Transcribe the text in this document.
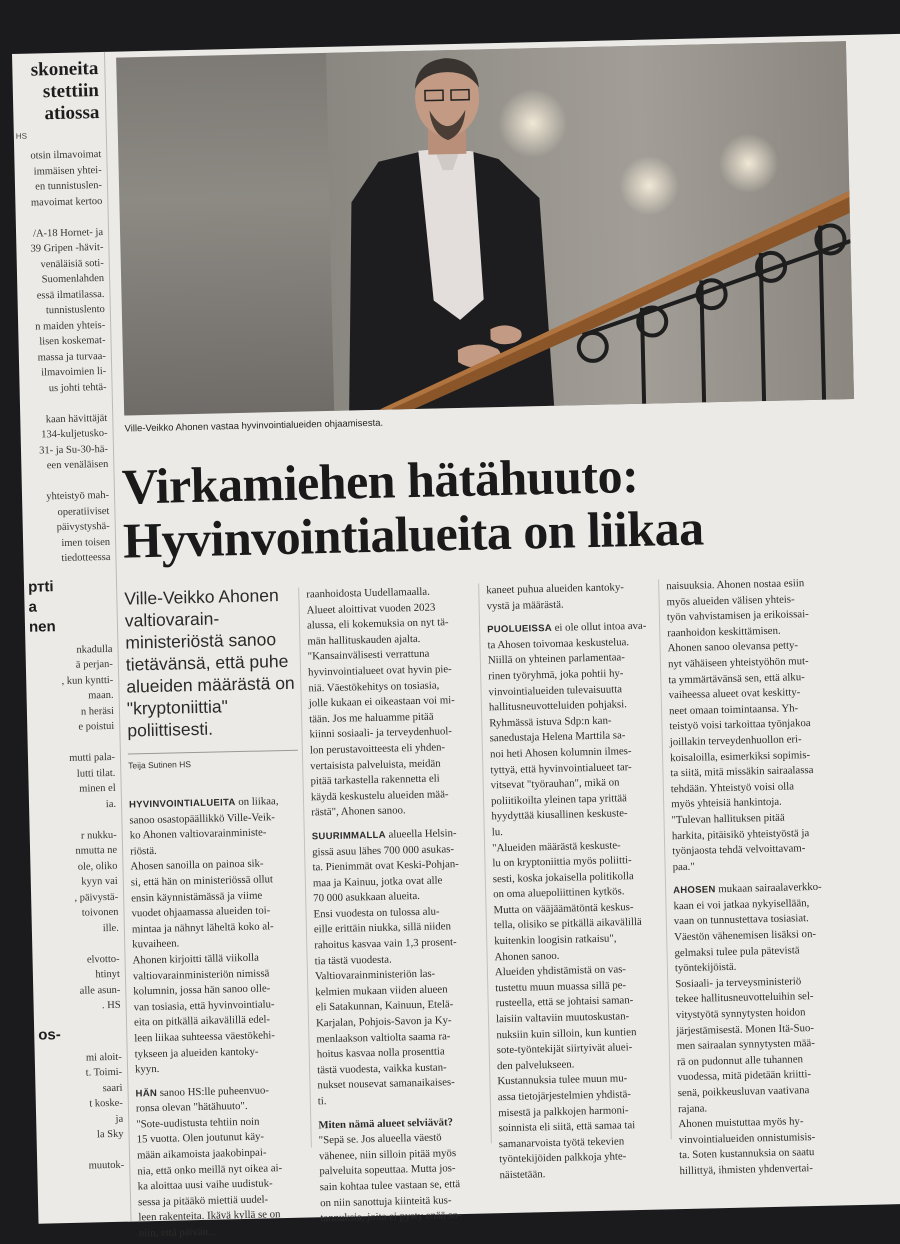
skoneita
stettiin
atiossa
HS
otsin ilmavoimat
immäisen yhtei-
en tunnistuslen-
mavoimat kertoo

/A-18 Hornet- ja
39 Gripen -hävit-
venäläisiä soti-
Suomenlahden
essä ilmatilassa.
tunnistuslento
n maiden yhteis-
lisen koskemat-
massa ja turvaa-
ilmavoimien li-
us johti tehtä-

kaan hävittäjät
134-kuljetusko-
31- ja Su-30-hä-
een venäläisen

yhteistyö mah-
operatiiviset
päivystyshä-
imen toisen
tiedotteessa
ртti
a
nen
nkadulla
ä perjan-
, kun kyntti-
maan.
n heräsi
e poistui

mutti pala-
lutti tilat.
minen el
ia.

r nukku-
nmutta ne
ole, oliko
kyyn vai
, päivystä-
toivonen
ille.

elvotto-
htinyt
alle asun-
. HS
os-
mi aloit-
t. Toimi-
saari
t koske-
ja
la Sky

muutok-
Ville-Veikko Ahonen vastaa hyvinvointialueiden ohjaamisesta.
Virkamiehen hätähuuto:
Hyvinvointialueita on liikaa
Ville-Veikko Ahonen valtiovarain-ministeriöstä sanoo tietävänsä, että puhe alueiden määrästä on "kryptoniittia" poliittisesti.
Teija Sutinen HS
HYVINVOINTIALUEITA on liikaa,
sanoo osastopäällikkö Ville-Veik-
ko Ahonen valtiovarainministe-
riöstä.
Ahosen sanoilla on painoa sik-
si, että hän on ministeriössä ollut
ensin käynnistämässä ja viime
vuodet ohjaamassa alueiden toi-
mintaa ja nähnyt läheltä koko al-
kuvaiheen.
Ahonen kirjoitti tällä viikolla
valtiovarainministeriön nimissä
kolumnin, jossa hän sanoo olle-
van tosiasia, että hyvinvointialu-
eita on pitkällä aikavälillä edel-
leen liikaa suhteessa väestökehi-
tykseen ja alueiden kantoky-
kyyn.
HÄN sanoo HS:lle puheenvuo-
ronsa olevan "hätähuuto".
"Sote-uudistusta tehtiin noin
15 vuotta. Olen joutunut käy-
mään aikamoista jaakobinpai-
nia, että onko meillä nyt oikea ai-
ka aloittaa uusi vaihe uudistuk-
sessa ja pitääkö miettiä uudel-
leen rakenteita. Ikävä kyllä se on
niin, että päivän...
raanhoidosta Uudellamaalla.
Alueet aloittivat vuoden 2023
alussa, eli kokemuksia on nyt tä-
män hallituskauden ajalta.
"Kansainvälisesti verrattuna
hyvinvointialueet ovat hyvin pie-
niä. Väestökehitys on tosiasia,
jolle kukaan ei oikeastaan voi mi-
tään. Jos me haluamme pitää
kiinni sosiaali- ja terveydenhuol-
lon perustavoitteesta eli yhden-
vertaisista palveluista, meidän
pitää tarkastella rakennetta eli
käydä keskustelu alueiden mää-
rästä", Ahonen sanoo.
SUURIMMALLA alueella Helsin-
gissä asuu lähes 700 000 asukas-
ta. Pienimmät ovat Keski-Pohjan-
maa ja Kainuu, jotka ovat alle
70 000 asukkaan alueita.
Ensi vuodesta on tulossa alu-
eille erittäin niukka, sillä niiden
rahoitus kasvaa vain 1,3 prosent-
tia tästä vuodesta.
Valtiovarainministeriön las-
kelmien mukaan viiden alueen
eli Satakunnan, Kainuun, Etelä-
Karjalan, Pohjois-Savon ja Ky-
menlaakson valtiolta saama ra-
hoitus kasvaa nolla prosenttia
tästä vuodesta, vaikka kustan-
nukset nousevat samanaikaises-
ti.
Miten nämä alueet selviävät?
"Sepä se. Jos alueella väestö
vähenee, niin silloin pitää myös
palveluita sopeuttaa. Mutta jos-
sain kohtaa tulee vastaan se, että
on niin sanottuja kiinteitä kus-
tannuksia, joita ei pysty enää so-
kaneet puhua alueiden kantoky-
vystä ja määrästä.
PUOLUEISSA ei ole ollut intoa ava-
ta Ahosen toivomaa keskustelua.
Niillä on yhteinen parlamentaa-
rinen työryhmä, joka pohtii hy-
vinvointialueiden tulevaisuutta
hallitusneuvotteluiden pohjaksi.
Ryhmässä istuva Sdp:n kan-
sanedustaja Helena Marttila sa-
noi heti Ahosen kolumnin ilmes-
tyttyä, että hyvinvointialueet tar-
vitsevat "työrauhan", mikä on
poliitikoilta yleinen tapa yrittää
hyydyttää kiusallinen keskuste-
lu.
"Alueiden määrästä keskuste-
lu on kryptoniittia myös poliitti-
sesti, koska jokaisella politikolla
on oma aluepoliittinen kytkös.
Mutta on vääjäämätöntä keskus-
tella, olisiko se pitkällä aikavälillä
kuitenkin loogisin ratkaisu",
Ahonen sanoo.
Alueiden yhdistämistä on vas-
tustettu muun muassa sillä pe-
rusteella, että se johtaisi saman-
laisiin valtaviin muutoskustan-
nuksiin kuin silloin, kun kuntien
sote-työntekijät siirtyivät aluei-
den palvelukseen.
Kustannuksia tulee muun mu-
assa tietojärjestelmien yhdistä-
misestä ja palkkojen harmoni-
soinnista eli siitä, että samaa tai
samanarvoista työtä tekevien
työntekijöiden palkkoja yhte-
näistetään.
naisuuksia. Ahonen nostaa esiin
myös alueiden välisen yhteis-
työn vahvistamisen ja erikoissai-
raanhoidon keskittämisen.
Ahonen sanoo olevansa petty-
nyt vähäiseen yhteistyöhön mut-
ta ymmärtävänsä sen, että alku-
vaiheessa alueet ovat keskitty-
neet omaan toimintaansa. Yh-
teistyö voisi tarkoittaa työnjakoa
joillakin terveydenhuollon eri-
koisaloilla, esimerkiksi sopimis-
ta siitä, mitä missäkin sairaalassa
tehdään. Yhteistyö voisi olla
myös yhteisiä hankintoja.
"Tulevan hallituksen pitää
harkita, pitäisikö yhteistyöstä ja
työnjaosta tehdä velvoittavam-
paa."
AHOSEN mukaan sairaalaverkko-
kaan ei voi jatkaa nykyisellään,
vaan on tunnustettava tosiasiat.
Väestön vähenemisen lisäksi on-
gelmaksi tulee pula pätevistä
työntekijöistä.
Sosiaali- ja terveysministeriö
tekee hallitusneuvotteluihin sel-
vitystyötä synnytysten hoidon
järjestämisestä. Monen Itä-Suo-
men sairaalan synnytysten mää-
rä on pudonnut alle tuhannen
vuodessa, mitä pidetään kriitti-
senä, poikkeusluvan vaativana
rajana.
Ahonen muistuttaa myös hy-
vinvointialueiden onnistumisis-
ta. Soten kustannuksia on saatu
hillittyä, ihmisten yhdenvertai-
